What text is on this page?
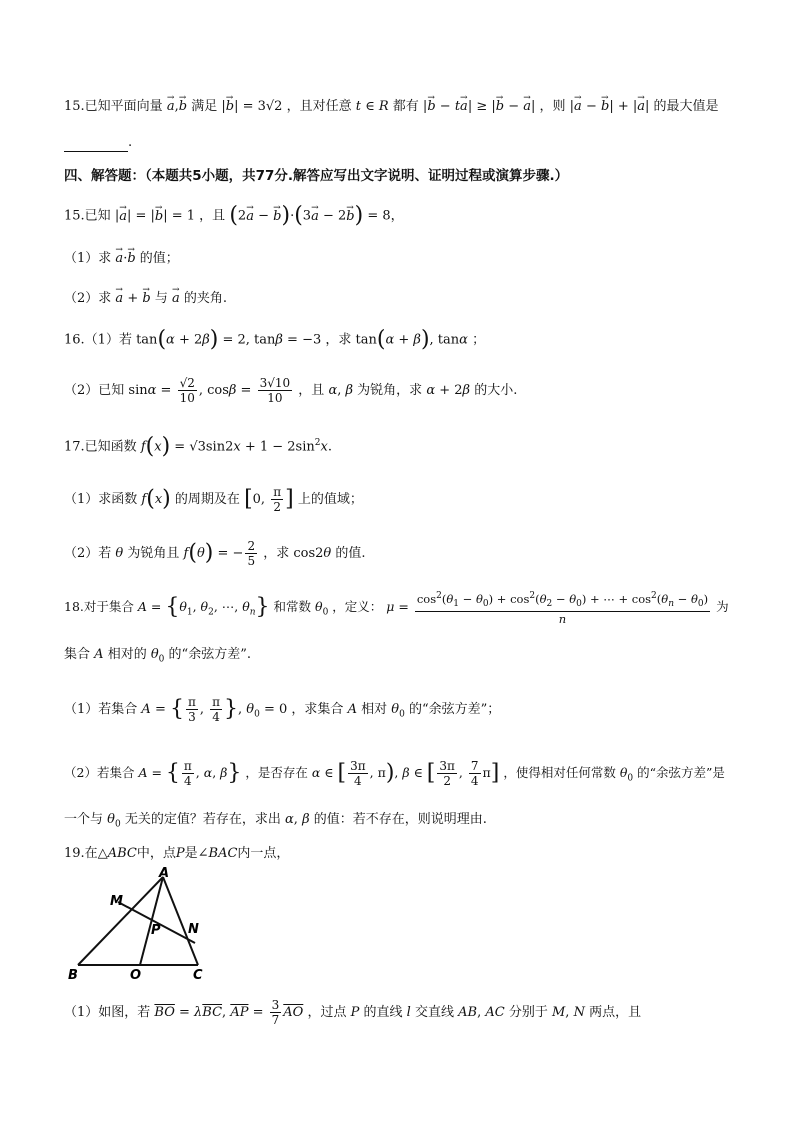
15.已知平面向量 → a,→ b 满足 |→ b| = 3√2 ，且对任意 t ∈ R 都有 |→ b − t→ a| ≥ |→ b − → a| ，则 |→ a − → b| + |→ a| 的最大值是
.
四、解答题：（本题共5小题，共77分.解答应写出文字说明、证明过程或演算步骤.）
15.已知 |→ a| = |→ b| = 1 ，且 (2→ a − → b)·(3→ a − 2→ b) = 8，
（1）求 → a·→ b 的值；
（2）求 → a + → b 与 → a 的夹角.
16.（1）若 tan(α + 2β) = 2, tanβ = −3 ，求 tan(α + β), tanα ；
（2）已知 $\sin\alpha = \frac{√2}{10}$ , $\cos\beta = \frac{3√10}{10}$ ，且 α, β 为锐角，求 α + 2β 的大小.
17.已知函数 $f(x) = √3\sin 2x + 1 - 2\sin^2x$.
（1）求函数 f(x) 的周期及在 [0, $\frac{\pi}{2}$ ] 上的值域；
（2）若 θ 为锐角且 f(θ) = − $\frac{2}{5}$ ，求 cos2θ 的值.
18.对于集合 $A = \{\theta_1$, $\theta_2$, ⋯, $\theta_n$} 和常数 $\theta_0$ ，定义： $\mu = \frac{\cos^2(\theta_1 - \theta_0) + \cos^2(\theta_2 - \theta_0) + \cdots + \cos^2(\theta_n - \theta_0)}{n}$ 为
集合 A 相对的 $\theta_0$ 的“余弦方差”.
（1）若集合 A = { $\frac{\pi}{3}$ , $\frac{\pi}{4}$ }, $\theta_0 = 0$ ，求集合 A 相对 $\theta_0$ 的“余弦方差”；
（2）若集合 A = { $\frac{\pi}{4}$ , α, β} ，是否存在 α ∈ [ $\frac{3\pi}{4}$ , π), β ∈ [ $\frac{3\pi}{2}$ , $\frac{7}{4} \pi$] ，使得相对任何常数 $\theta_0$ 的“余弦方差”是
一个与 $\theta_0$ 无关的定值？若存在，求出 α, β 的值：若不存在，则说明理由.
19.在△ABC中，点P是∠BAC内一点，
A
B	C
O
M
N
P
（1）如图，若 $\overline{BO} = \lambda\overline{BC}$, $\overline{AP} = \frac{3}{7} \overline{AO}$ ，过点 P 的直线 l 交直线 AB, AC 分别于 M, N 两点，且
